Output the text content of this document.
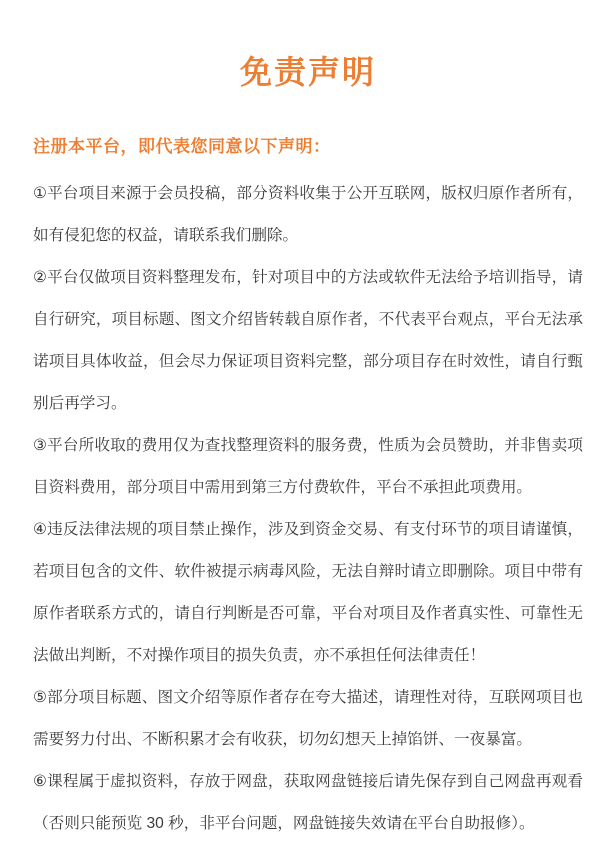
免责声明
注册本平台，即代表您同意以下声明：
①平台项目来源于会员投稿，部分资料收集于公开互联网，版权归原作者所有，
如有侵犯您的权益，请联系我们删除。
②平台仅做项目资料整理发布，针对项目中的方法或软件无法给予培训指导，请
自行研究，项目标题、图文介绍皆转载自原作者，不代表平台观点，平台无法承
诺项目具体收益，但会尽力保证项目资料完整，部分项目存在时效性，请自行甄
别后再学习。
③平台所收取的费用仅为查找整理资料的服务费，性质为会员赞助，并非售卖项
目资料费用，部分项目中需用到第三方付费软件，平台不承担此项费用。
④违反法律法规的项目禁止操作，涉及到资金交易、有支付环节的项目请谨慎，
若项目包含的文件、软件被提示病毒风险，无法自辩时请立即删除。项目中带有
原作者联系方式的，请自行判断是否可靠，平台对项目及作者真实性、可靠性无
法做出判断，不对操作项目的损失负责，亦不承担任何法律责任！
⑤部分项目标题、图文介绍等原作者存在夸大描述，请理性对待，互联网项目也
需要努力付出、不断积累才会有收获，切勿幻想天上掉馅饼、一夜暴富。
⑥课程属于虚拟资料，存放于网盘，获取网盘链接后请先保存到自己网盘再观看
（否则只能预览 30 秒，非平台问题，网盘链接失效请在平台自助报修）。
